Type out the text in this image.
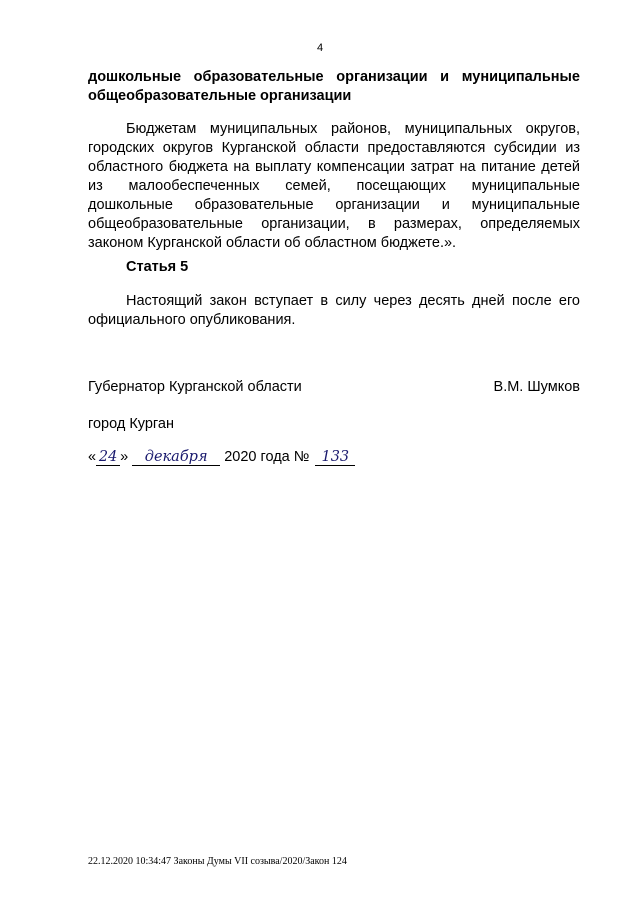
4
дошкольные образовательные организации и муниципальные общеобразовательные организации
Бюджетам муниципальных районов, муниципальных округов, городских округов Курганской области предоставляются субсидии из областного бюджета на выплату компенсации затрат на питание детей из малообеспеченных семей, посещающих муниципальные дошкольные образовательные организации и муниципальные общеобразовательные организации, в размерах, определяемых законом Курганской области об областном бюджете.».
Статья 5
Настоящий закон вступает в силу через десять дней после его официального опубликования.
Губернатор Курганской области	В.М. Шумков
город Курган
« 24 » декабря 2020 года № 133
22.12.2020 10:34:47 Законы Думы VII созыва/2020/Закон 124
